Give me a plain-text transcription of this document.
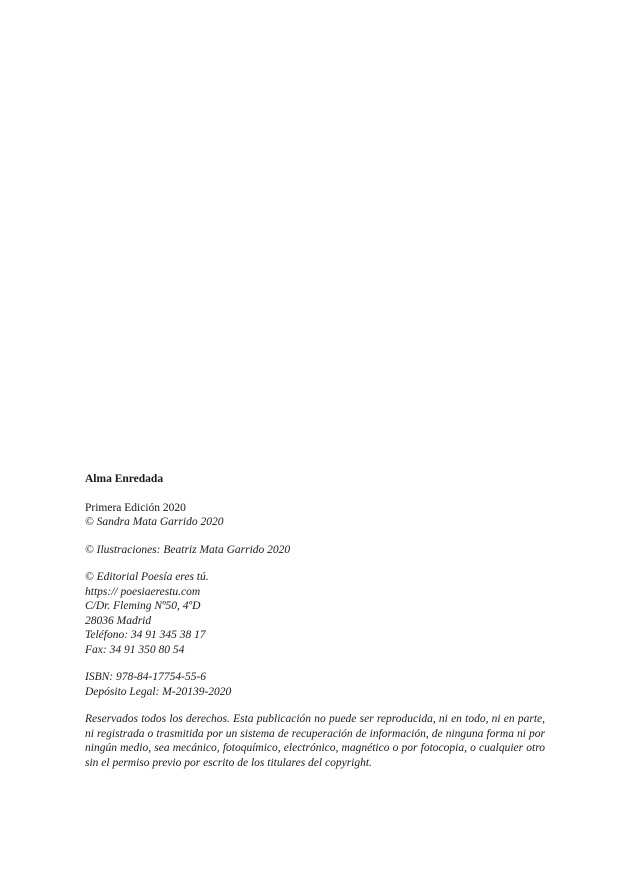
Alma Enredada
Primera Edición 2020
© Sandra Mata Garrido 2020
© Ilustraciones: Beatriz Mata Garrido 2020
© Editorial Poesía eres tú.
https:// poesiaerestu.com
C/Dr. Fleming Nº50, 4ºD
28036 Madrid
Teléfono: 34 91 345 38 17
Fax: 34 91 350 80 54
ISBN: 978-84-17754-55-6
Depósito Legal: M-20139-2020

Reservados todos los derechos. Esta publicación no puede ser reproducida, ni en todo, ni en parte, ni registrada o trasmitida por un sistema de recuperación de información, de ninguna forma ni por ningún medio, sea mecánico, fotoquímico, electrónico, magnético o por fotocopia, o cualquier otro sin el permiso previo por escrito de los titulares del copyright.
